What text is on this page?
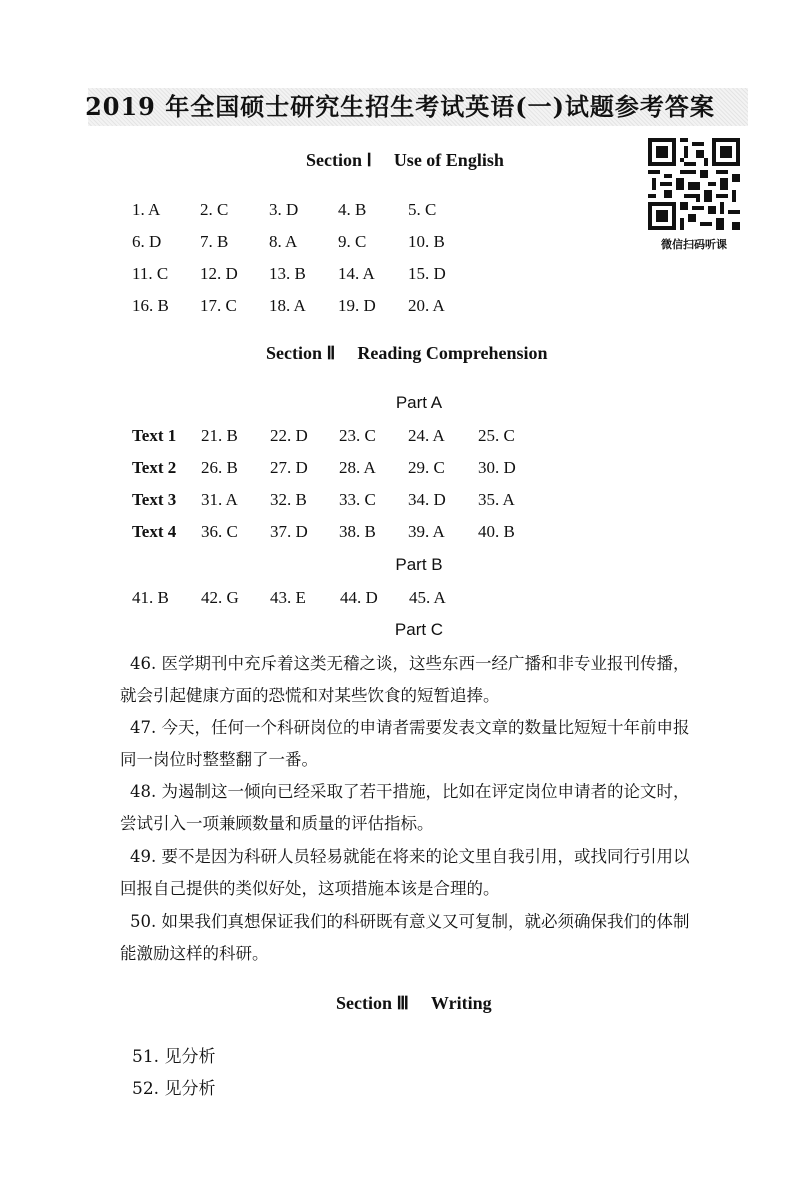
2019 年全国硕士研究生招生考试英语(一)试题参考答案
微信扫码听课
Section Ⅰ Use of English
1. A 2. C 3. D 4. B 5. C
6. D 7. B 8. A 9. C 10. B
11. C 12. D 13. B 14. A 15. D
16. B 17. C 18. A 19. D 20. A
Section Ⅱ Reading Comprehension
Part A
Text 1 21. B 22. D 23. C 24. A 25. C
Text 2 26. B 27. D 28. A 29. C 30. D
Text 3 31. A 32. B 33. C 34. D 35. A
Text 4 36. C 37. D 38. B 39. A 40. B
Part B
41. B 42. G 43. E 44. D 45. A
Part C
46. 医学期刊中充斥着这类无稽之谈，这些东西一经广播和非专业报刊传播，
就会引起健康方面的恐慌和对某些饮食的短暂追捧。
47. 今天，任何一个科研岗位的申请者需要发表文章的数量比短短十年前申报
同一岗位时整整翻了一番。
48. 为遏制这一倾向已经采取了若干措施，比如在评定岗位申请者的论文时，
尝试引入一项兼顾数量和质量的评估指标。
49. 要不是因为科研人员轻易就能在将来的论文里自我引用，或找同行引用以
回报自己提供的类似好处，这项措施本该是合理的。
50. 如果我们真想保证我们的科研既有意义又可复制，就必须确保我们的体制
能激励这样的科研。
Section Ⅲ Writing
51. 见分析
52. 见分析
